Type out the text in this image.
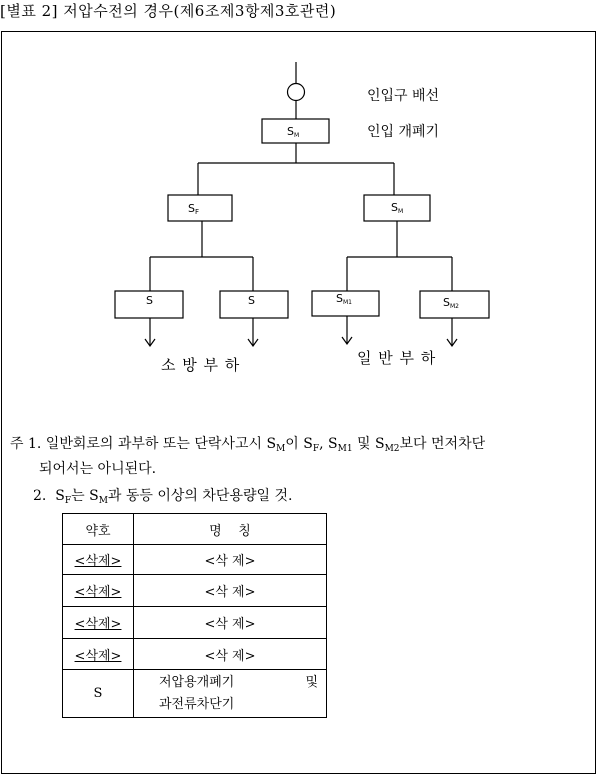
[별표 2] 저압수전의 경우(제6조제3항제3호관련)
SM
SF	SM
S	S	SM1	SM2
인입구 배선
인입 개폐기
소 방 부 하	일 반 부 하
주 1. 일반회로의 과부하 또는 단락사고시 $S_M$이 $S_F$, $S_{M1}$ 및 $S_{M2}$보다 먼저차단
되어서는 아니된다.
2. $S_F$는 $S_M$과 동등 이상의 차단용량일 것.
약호	명    칭
<삭제>	<삭 제>
<삭제>	<삭 제>
<삭제>	<삭 제>
<삭제>	<삭 제>
S	저압용개폐기 및
과전류차단기
